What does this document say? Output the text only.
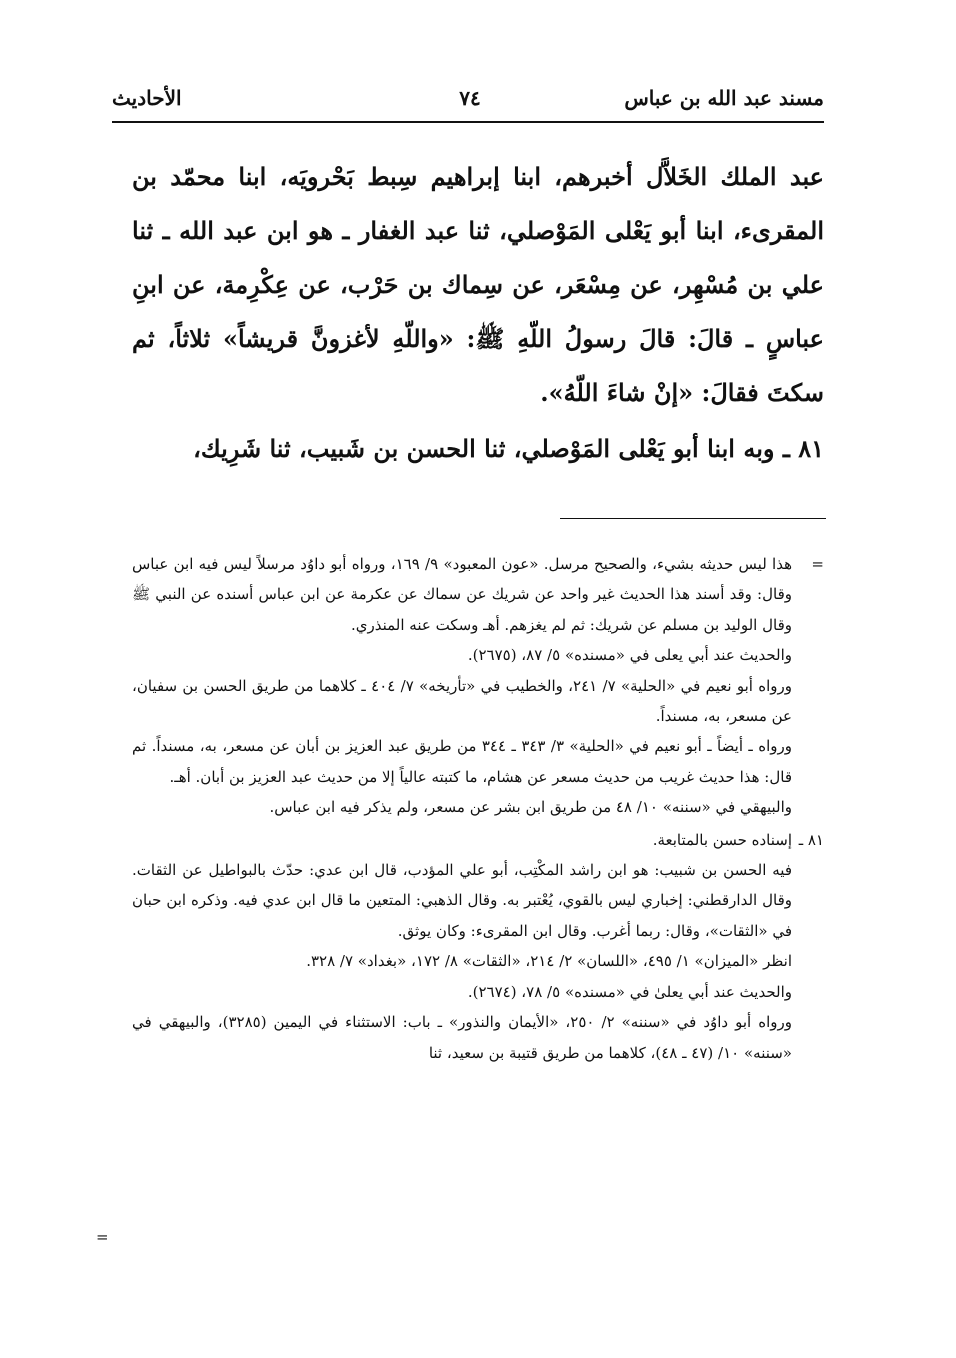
مسند عبد الله بن عباس
٧٤
الأحاديث

عبد الملك الخَلاَّل أخبرهم، ابنا إبراهيم سِبط بَحْرويَه، ابنا محمّد بن المقرىء، ابنا أبو يَعْلى المَوْصلي، ثنا عبد الغفار ـ هو ابن عبد الله ـ ثنا علي بن مُسْهِر، عن مِسْعَر، عن سِماك بن حَرْب، عن عِكْرِمة، عن ابنِ عباسٍ ـ قالَ: قالَ رسولُ اللّهِ ﷺ: «واللّهِ لأغزونَّ قريشاً» ثلاثاً، ثم سكتَ فقالَ: «إنْ شاءَ اللّهُ».

٨١ ـ وبه ابنا أبو يَعْلى المَوْصلي، ثنا الحسن بن شَبيب، ثنا شَرِيك،

=

هذا ليس حديثه بشيء، والصحيح مرسل. «عون المعبود» ٩/ ١٦٩، ورواه أبو داوُد مرسلاً ليس فيه ابن عباس وقال: وقد أسند هذا الحديث غير واحد عن شريك عن سماك عن عكرمة عن ابن عباس أسنده عن النبي ﷺ وقال الوليد بن مسلم عن شريك: ثم لم يغزهم. أهـ وسكت عنه المنذري.

والحديث عند أبي يعلى في «مسنده» ٥/ ٨٧، (٢٦٧٥).

ورواه أبو نعيم في «الحلية» ٧/ ٢٤١، والخطيب في «تأريخه» ٧/ ٤٠٤ ـ كلاهما من طريق الحسن بن سفيان، عن مسعر، به، مسنداً.

ورواه ـ أيضاً ـ أبو نعيم في «الحلية» ٣/ ٣٤٣ ـ ٣٤٤ من طريق عبد العزيز بن أبان عن مسعر، به، مسنداً. ثم قال: هذا حديث غريب من حديث مسعر عن هشام، ما كتبته عالياً إلا من حديث عبد العزيز بن أبان. أهـ.

والبيهقي في «سننه» ١٠/ ٤٨ من طريق ابن بشر عن مسعر، ولم يذكر فيه ابن عباس.

٨١ ـ

إسناده حسن بالمتابعة.

فيه الحسن بن شبيب: هو ابن راشد المكْتِب، أبو علي المؤدب، قال ابن عدي: حدّث بالبواطيل عن الثقات. وقال الدارقطني: إخباري ليس بالقوي، يُعْتبر به. وقال الذهبي: المتعين ما قال ابن عدي فيه. وذكره ابن حبان في «الثقات»، وقال: ربما أغرب. وقال ابن المقرىء: وكان يوثق.

انظر «الميزان» ١/ ٤٩٥، «اللسان» ٢/ ٢١٤، «الثقات» ٨/ ١٧٢، «بغداد» ٧/ ٣٢٨.

والحديث عند أبي يعلىٰ في «مسنده» ٥/ ٧٨، (٢٦٧٤).

ورواه أبو داوُد في «سننه» ٢/ ٢٥٠، «الأيمان والنذور» ـ باب: الاستثناء في اليمين (٣٢٨٥)، والبيهقي في «سننه» ١٠/ (٤٧ ـ ٤٨)، كلاهما من طريق قتيبة بن سعيد، ثنا

=
